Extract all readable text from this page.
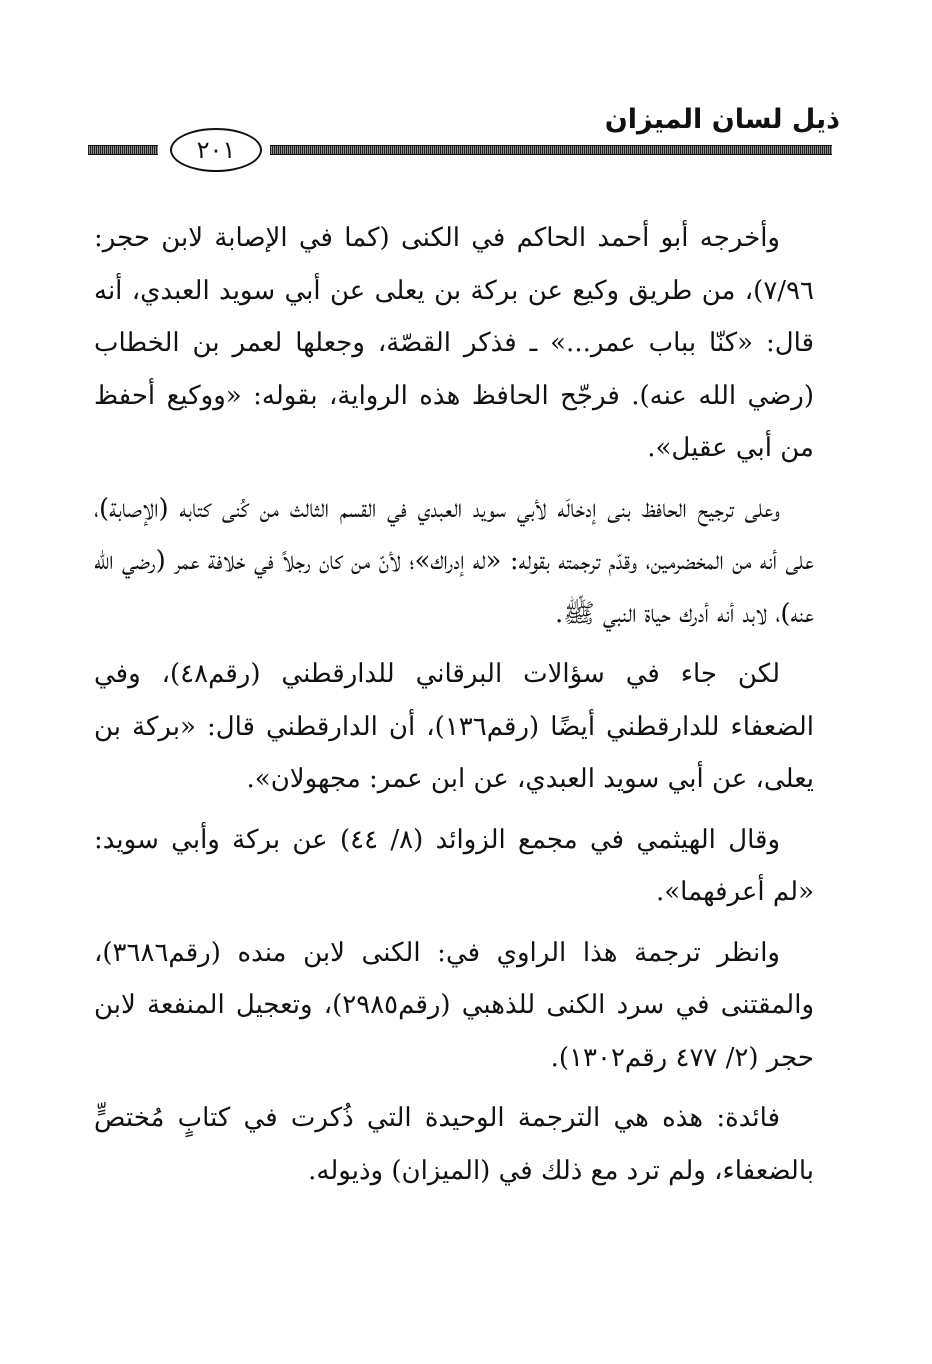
ذيل لسان الميزان
٢٠١

وأخرجه أبو أحمد الحاكم في الكنى (كما في الإصابة لابن حجر: ٧/٩٦)، من طريق وكيع عن بركة بن يعلى عن أبي سويد العبدي، أنه قال: «كنّا بباب عمر...» ـ فذكر القصّة، وجعلها لعمر بن الخطاب (رضي الله عنه). فرجّح الحافظ هذه الرواية، بقوله: «ووكيع أحفظ من أبي عقيل».

وعلى ترجيح الحافظ بنى إدخالَه لأبي سويد العبدي في القسم الثالث من كُنى كتابه (الإصابة)، على أنه من المخضرمين، وقدّم ترجمته بقوله: «له إدراك»؛ لأنّ من كان رجلاً في خلافة عمر (رضي الله عنه)، لابد أنه أدرك حياة النبي ﷺ.

لكن جاء في سؤالات البرقاني للدارقطني (رقم٤٨)، وفي الضعفاء للدارقطني أيضًا (رقم١٣٦)، أن الدارقطني قال: «بركة بن يعلى، عن أبي سويد العبدي، عن ابن عمر: مجهولان».

وقال الهيثمي في مجمع الزوائد (٨/ ٤٤) عن بركة وأبي سويد: «لم أعرفهما».

وانظر ترجمة هذا الراوي في: الكنى لابن منده (رقم٣٦٨٦)، والمقتنى في سرد الكنى للذهبي (رقم٢٩٨٥)، وتعجيل المنفعة لابن حجر (٢/ ٤٧٧ رقم١٣٠٢).

فائدة: هذه هي الترجمة الوحيدة التي ذُكرت في كتابٍ مُختصٍّ بالضعفاء، ولم ترد مع ذلك في (الميزان) وذيوله.
